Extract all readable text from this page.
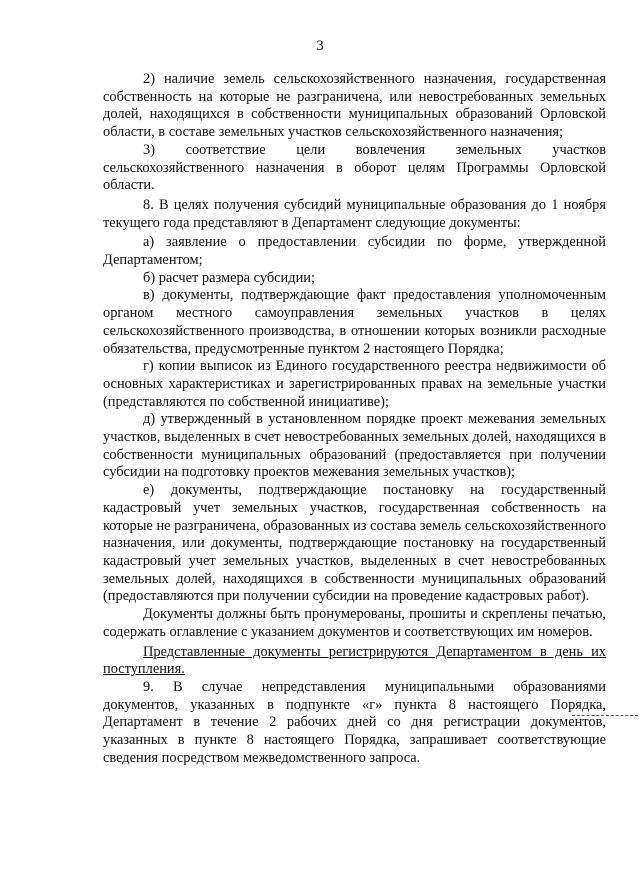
3

2) наличие земель сельскохозяйственного назначения, государственная собственность на которые не разграничена, или невостребованных земельных долей, находящихся в собственности муниципальных образований Орловской области, в составе земельных участков сельскохозяйственного назначения;

3) соответствие цели вовлечения земельных участков сельскохозяйственного назначения в оборот целям Программы Орловской области.

8. В целях получения субсидий муниципальные образования до 1 ноября текущего года представляют в Департамент следующие документы:

а) заявление о предоставлении субсидии по форме, утвержденной Департаментом;

б) расчет размера субсидии;

в) документы, подтверждающие факт предоставления уполномоченным органом местного самоуправления земельных участков в целях сельскохозяйственного производства, в отношении которых возникли расходные обязательства, предусмотренные пунктом 2 настоящего Порядка;

г) копии выписок из Единого государственного реестра недвижимости об основных характеристиках и зарегистрированных правах на земельные участки (представляются по собственной инициативе);

д) утвержденный в установленном порядке проект межевания земельных участков, выделенных в счет невостребованных земельных долей, находящихся в собственности муниципальных образований (предоставляется при получении субсидии на подготовку проектов межевания земельных участков);

е) документы, подтверждающие постановку на государственный кадастровый учет земельных участков, государственная собственность на которые не разграничена, образованных из состава земель сельскохозяйственного назначения, или документы, подтверждающие постановку на государственный кадастровый учет земельных участков, выделенных в счет невостребованных земельных долей, находящихся в собственности муниципальных образований (предоставляются при получении субсидии на проведение кадастровых работ).

Документы должны быть пронумерованы, прошиты и скреплены печатью, содержать оглавление с указанием документов и соответствующих им номеров.

Представленные документы регистрируются Департаментом в день их поступления.

9. В случае непредставления муниципальными образованиями документов, указанных в подпункте «г» пункта 8 настоящего Порядка, Департамент в течение 2 рабочих дней со дня регистрации документов, указанных в пункте 8 настоящего Порядка, запрашивает соответствующие сведения посредством межведомственного запроса.
